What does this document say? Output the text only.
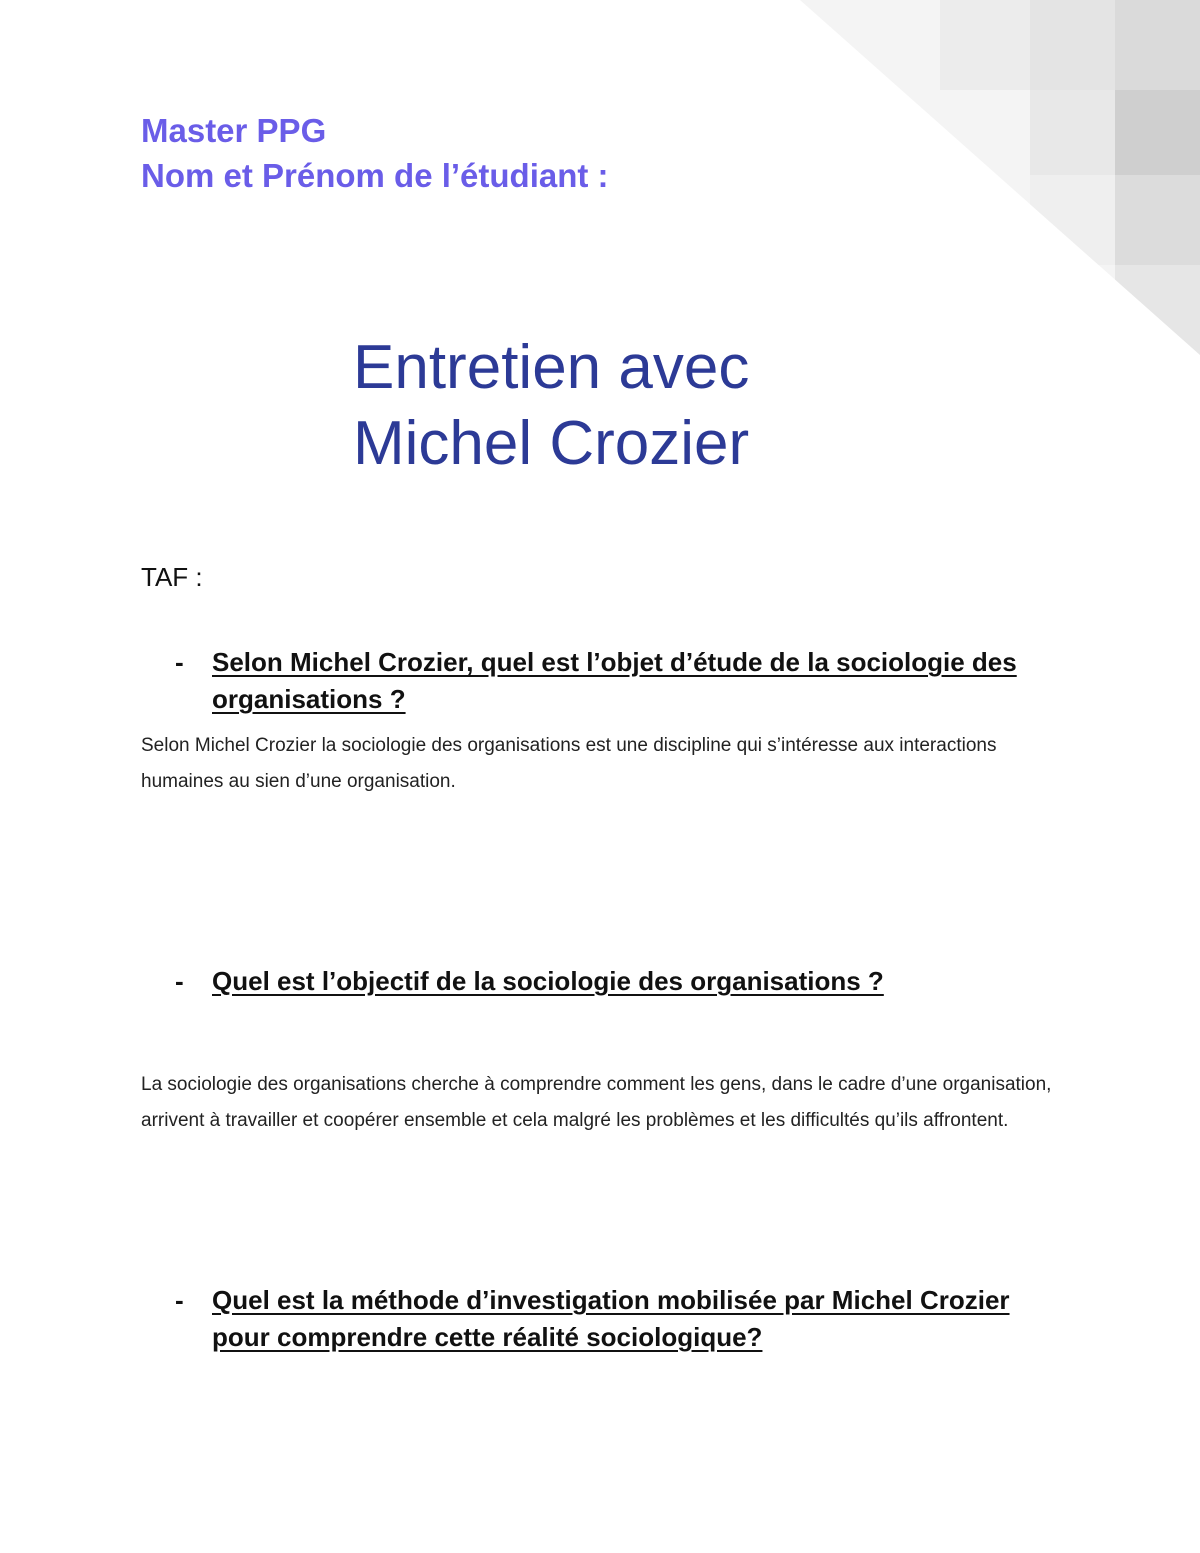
Master PPG
Nom et Prénom de l’étudiant :
Entretien avec
Michel Crozier
TAF :
- Selon Michel Crozier, quel est l’objet d’étude de la sociologie des organisations ?
Selon Michel Crozier la sociologie des organisations est une discipline qui s’intéresse aux interactions humaines au sien d’une organisation.
- Quel est l’objectif de la sociologie des organisations ?
La sociologie des organisations cherche à comprendre comment les gens, dans le cadre d’une organisation, arrivent à travailler et coopérer ensemble et cela malgré les problèmes et les difficultés qu’ils affrontent.
- Quel est la méthode d’investigation mobilisée par Michel Crozier pour comprendre cette réalité sociologique?
